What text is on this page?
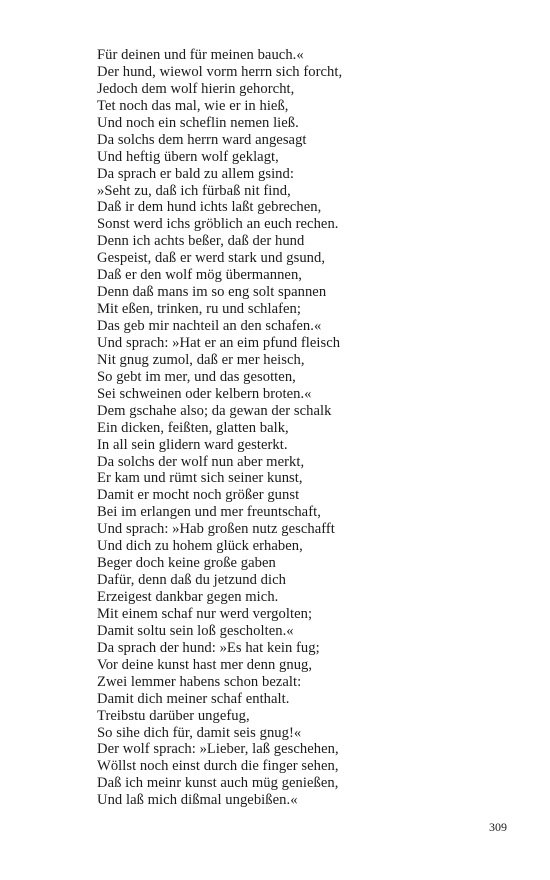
Für deinen und für meinen bauch.«
Der hund, wiewol vorm herrn sich forcht,
Jedoch dem wolf hierin gehorcht,
Tet noch das mal, wie er in hieß,
Und noch ein scheflin nemen ließ.
Da solchs dem herrn ward angesagt
Und heftig übern wolf geklagt,
Da sprach er bald zu allem gsind:
»Seht zu, daß ich fürbaß nit find,
Daß ir dem hund ichts laßt gebrechen,
Sonst werd ichs gröblich an euch rechen.
Denn ich achts beßer, daß der hund
Gespeist, daß er werd stark und gsund,
Daß er den wolf mög übermannen,
Denn daß mans im so eng solt spannen
Mit eßen, trinken, ru und schlafen;
Das geb mir nachteil an den schafen.«
Und sprach: »Hat er an eim pfund fleisch
Nit gnug zumol, daß er mer heisch,
So gebt im mer, und das gesotten,
Sei schweinen oder kelbern broten.«
Dem gschahe also; da gewan der schalk
Ein dicken, feißten, glatten balk,
In all sein glidern ward gesterkt.
Da solchs der wolf nun aber merkt,
Er kam und rümt sich seiner kunst,
Damit er mocht noch größer gunst
Bei im erlangen und mer freuntschaft,
Und sprach: »Hab großen nutz geschafft
Und dich zu hohem glück erhaben,
Beger doch keine große gaben
Dafür, denn daß du jetzund dich
Erzeigest dankbar gegen mich.
Mit einem schaf nur werd vergolten;
Damit soltu sein loß gescholten.«
Da sprach der hund: »Es hat kein fug;
Vor deine kunst hast mer denn gnug,
Zwei lemmer habens schon bezalt:
Damit dich meiner schaf enthalt.
Treibstu darüber ungefug,
So sihe dich für, damit seis gnug!«
Der wolf sprach: »Lieber, laß geschehen,
Wöllst noch einst durch die finger sehen,
Daß ich meinr kunst auch müg genießen,
Und laß mich dißmal ungebißen.«
309
